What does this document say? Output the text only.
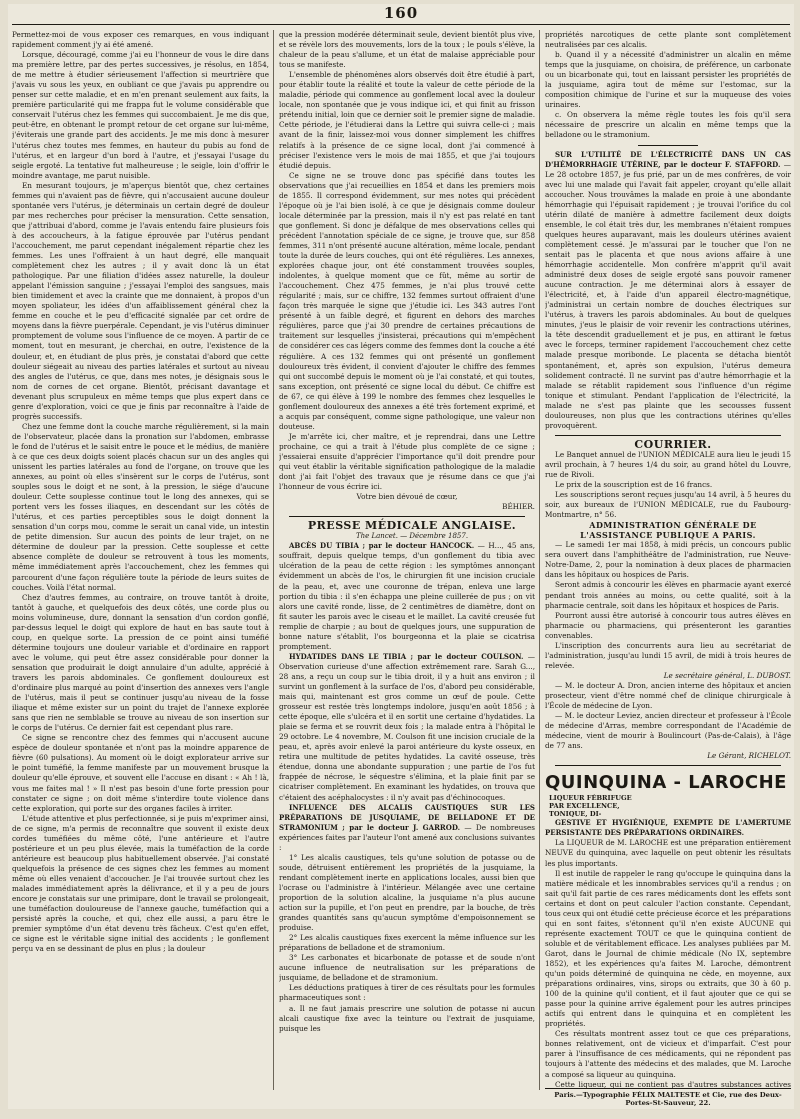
160

Permettez-moi de vous exposer ces remarques, en vous indiquant rapidement comment j'y ai été amené.

Lorsque, découragé, comme j'ai eu l'honneur de vous le dire dans ma première lettre, par des pertes successives, je résolus, en 1854, de me mettre à étudier sérieusement l'affection si meurtrière que j'avais vu sous les yeux, en oubliant ce que j'avais pu apprendre ou penser sur cette maladie, et en m'en prenant seulement aux faits, la première particularité qui me frappa fut le volume considérable que conservait l'utérus chez les femmes qui succombaient. Je me dis que, peut-être, en obtenant le prompt retour de cet organe sur lui-même, j'éviterais une grande part des accidents. Je me mis donc à mesurer l'utérus chez toutes mes femmes, en hauteur du pubis au fond de l'utérus, et en largeur d'un bord à l'autre, et j'essayai l'usage du seigle ergoté. La tentative fut malheureuse ; le seigle, loin d'offrir le moindre avantage, me parut nuisible.

En mesurant toujours, je m'aperçus bientôt que, chez certaines femmes qui n'avaient pas de fièvre, qui n'accusaient aucune douleur spontanée vers l'utérus, je déterminais un certain degré de douleur par mes recherches pour préciser la mensuration. Cette sensation, que j'attribuai d'abord, comme je l'avais entendu faire plusieurs fois à des accoucheurs, à la fatigue éprouvée par l'utérus pendant l'accouchement, me parut cependant inégalement répartie chez les femmes. Les unes l'offraient à un haut degré, elle manquait complètement chez les autres ; il y avait donc là un état pathologique. Par une filiation d'idées assez naturelle, la douleur appelant l'émission sanguine ; j'essayai l'emploi des sangsues, mais bien timidement et avec la crainte que me donnaient, à propos d'un moyen spoliateur, les idées d'un affaiblissement général chez la femme en couche et le peu d'efficacité signalée par cet ordre de moyens dans la fièvre puerpérale. Cependant, je vis l'utérus diminuer promptement de volume sous l'influence de ce moyen. A partir de ce moment, tout en mesurant, je cherchai, en outre, l'existence de la douleur, et, en étudiant de plus près, je constatai d'abord que cette douleur siégeait au niveau des parties latérales et surtout au niveau des angles de l'utérus, ce que, dans mes notes, je désignais sous le nom de cornes de cet organe. Bientôt, précisant davantage et devenant plus scrupuleux en même temps que plus expert dans ce genre d'exploration, voici ce que je finis par reconnaître à l'aide de progrès successifs.

Chez une femme dont la couche marche régulièrement, si la main de l'observateur, placée dans la pronation sur l'abdomen, embrasse le fond de l'utérus et le saisit entre le pouce et le médius, de manière à ce que ces deux doigts soient placés chacun sur un des angles qui unissent les parties latérales au fond de l'organe, on trouve que les annexes, au point où elles s'insèrent sur le corps de l'utérus, sont souples sous le doigt et ne sont, à la pression, le siége d'aucune douleur. Cette souplesse continue tout le long des annexes, qui se portent vers les fosses iliaques, en descendant sur les côtés de l'utérus, et ces parties perceptibles sous le doigt donnent la sensation d'un corps mou, comme le serait un canal vide, un intestin de petite dimension. Sur aucun des points de leur trajet, on ne détermine de douleur par la pression. Cette souplesse et cette absence complète de douleur se retrouvent à tous les moments, même immédiatement après l'accouchement, chez les femmes qui parcourent d'une façon régulière toute la période de leurs suites de couches. Voilà l'état normal.

Chez d'autres femmes, au contraire, on trouve tantôt à droite, tantôt à gauche, et quelquefois des deux côtés, une corde plus ou moins volumineuse, dure, donnant la sensation d'un cordon gonflé, par-dessus lequel le doigt qui explore de haut en bas saute tout à coup, en quelque sorte. La pression de ce point ainsi tuméfié détermine toujours une douleur variable et d'ordinaire en rapport avec le volume, qui peut être assez considérable pour donner la sensation que produirait le doigt annulaire d'un adulte, apprécié à travers les parois abdominales. Ce gonflement douloureux est d'ordinaire plus marqué au point d'insertion des annexes vers l'angle de l'utérus, mais il peut se continuer jusqu'au niveau de la fosse iliaque et même exister sur un point du trajet de l'annexe explorée sans que rien ne semblable se trouve au niveau de son insertion sur le corps de l'utérus. Ce dernier fait est cependant plus rare.

Ce signe se rencontre chez des femmes qui n'accusent aucune espèce de douleur spontanée et n'ont pas la moindre apparence de fièvre (60 pulsations). Au moment où le doigt explorateur arrive sur le point tuméfié, la femme manifeste par un mouvement brusque la douleur qu'elle éprouve, et souvent elle l'accuse en disant : « Ah ! là, vous me faites mal ! » Il n'est pas besoin d'une forte pression pour constater ce signe ; on doit même s'interdire toute violence dans cette exploration, qui porte sur des organes faciles à irriter.

L'étude attentive et plus perfectionnée, si je puis m'exprimer ainsi, de ce signe, m'a permis de reconnaître que souvent il existe deux cordes tuméfiées du même côté, l'une antérieure et l'autre postérieure et un peu plus élevée, mais la tuméfaction de la corde antérieure est beaucoup plus habituellement observée. J'ai constaté quelquefois la présence de ces signes chez les femmes au moment même où elles venaient d'accoucher. Je l'ai trouvée surtout chez les malades immédiatement après la délivrance, et il y a peu de jours encore je constatais sur une primipare, dont le travail se prolongeait, une tuméfaction douloureuse de l'annexe gauche, tuméfaction qui a persisté après la couche, et qui, chez elle aussi, a paru être le premier symptôme d'un état devenu très fâcheux. C'est qu'en effet, ce signe est le véritable signe initial des accidents ; le gonflement perçu va en se dessinant de plus en plus ; la douleur

que la pression modérée déterminait seule, devient bientôt plus vive, et se révèle lors des mouvements, lors de la toux ; le pouls s'élève, la chaleur de la peau s'allume, et un état de malaise appréciable pour tous se manifeste.

L'ensemble de phénomènes alors observés doit être étudié à part, pour établir toute la réalité et toute la valeur de cette période de la maladie, période qui commence au gonflement local avec la douleur locale, non spontanée que je vous indique ici, et qui finit au frisson prétendu initial, loin que ce dernier soit le premier signe de maladie. Cette période, je l'étudierai dans la Lettre qui suivra celle-ci ; mais avant de la finir, laissez-moi vous donner simplement les chiffres relatifs à la présence de ce signe local, dont j'ai commencé à préciser l'existence vers le mois de mai 1855, et que j'ai toujours étudié depuis.

Ce signe ne se trouve donc pas spécifié dans toutes les observations que j'ai recueillies en 1854 et dans les premiers mois de 1855. Il correspond évidemment, sur mes notes qui précèdent l'époque où je l'ai bien isolé, à ce que je désignais comme douleur locale déterminée par la pression, mais il n'y est pas relaté en tant que gonflement. Si donc je défalque de mes observations celles qui précèdent l'annotation spéciale de ce signe, je trouve que, sur 858 femmes, 311 n'ont présenté aucune altération, même locale, pendant toute la durée de leurs couches, qui ont été régulières. Les annexes, explorées chaque jour, ont été constamment trouvées souples, indolentes, à quelque moment que ce fût, même au sortir de l'accouchement. Chez 475 femmes, je n'ai plus trouvé cette régularité ; mais, sur ce chiffre, 132 femmes surtout offraient d'une façon très marquée le signe que j'étudie ici. Les 343 autres l'ont présenté à un faible degré, et figurent en dehors des marches régulières, parce que j'ai 30 prendre de certaines précautions de traitement sur lesquelles j'insisterai, précautions qui m'empêchent de considérer ces cas légers comme des femmes dont la couche a été régulière. A ces 132 femmes qui ont présenté un gonflement douloureux très évident, il convient d'ajouter le chiffre des femmes qui ont succombé depuis le moment où je l'ai constaté, et qui toutes, sans exception, ont présenté ce signe local du début. Ce chiffre est de 67, ce qui élève à 199 le nombre des femmes chez lesquelles le gonflement douloureux des annexes a été très fortement exprimé, et a acquis par conséquent, comme signe pathologique, une valeur non douteuse.

Je m'arrête ici, cher maître, et je reprendrai, dans une Lettre prochaine, ce qui a trait à l'étude plus complète de ce signe ; j'essaierai ensuite d'apprécier l'importance qu'il doit prendre pour qui veut établir la véritable signification pathologique de la maladie dont j'ai fait l'objet des travaux que je résume dans ce que j'ai l'honneur de vous écrire ici.

Votre bien dévoué de cœur,

BÉHIER.

PRESSE MÉDICALE ANGLAISE.

The Lancet. — Décembre 1857.

ABCÈS DU TIBIA ; par le docteur HANCOCK. — H..., 45 ans, souffrait, depuis quelque temps, d'un gonflement du tibia avec ulcération de la peau de cette région : les symptômes annonçant évidemment un abcès de l'os, le chirurgien fit une incision cruciale de la peau, et, avec une couronne de trépan, enleva une large portion du tibia : il s'en échappa une pleine cuillerée de pus ; on vit alors une cavité ronde, lisse, de 2 centimètres de diamètre, dont on fit sauter les parois avec le ciseau et le maillet. La cavité creusée fut remplie de charpie ; au bout de quelques jours, une suppuration de bonne nature s'établit, l'os bourgeonna et la plaie se cicatrisa promptement.

HYDATIDES DANS LE TIBIA ; par le docteur COULSON. — Observation curieuse d'une affection extrêmement rare. Sarah G..., 28 ans, a reçu un coup sur le tibia droit, il y a huit ans environ ; il survint un gonflement à la surface de l'os, d'abord peu considérable, mais qui, maintenant est gros comme un œuf de poule. Cette grosseur est restée très longtemps indolore, jusqu'en août 1856 ; à cette époque, elle s'ulcéra et il en sortit une certaine d'hydatides. La plaie se ferma et se rouvrit deux fois ; la malade entra à l'hôpital le 29 octobre. Le 4 novembre, M. Coulson fit une incision cruciale de la peau, et, après avoir enlevé la paroi antérieure du kyste osseux, en retira une multitude de petites hydatides. La cavité osseuse, très étendue, donna une abondante suppuration ; une partie de l'os fut frappée de nécrose, le séquestre s'élimina, et la plaie finit par se cicatriser complètement. En examinant les hydatides, on trouva que c'étaient des acéphalocystes : il n'y avait pas d'échinocoques.

INFLUENCE DES ALCALIS CAUSTIQUES SUR LES PRÉPARATIONS DE JUSQUIAME, DE BELLADONE ET DE STRAMONIUM ; par le docteur J. GARROD. — De nombreuses expériences faites par l'auteur l'ont amené aux conclusions suivantes :

1° Les alcalis caustiques, tels qu'une solution de potasse ou de soude, détruisent entièrement les propriétés de la jusquiame, la rendant complètement inerte en applications locales, aussi bien que l'ocrase ou l'administre à l'intérieur. Mélangée avec une certaine proportion de la solution alcaline, la jusquiame n'a plus aucune action sur la pupille, et l'on peut en prendre, par la bouche, de très grandes quantités sans qu'aucun symptôme d'empoisonnement se produise.

2° Les alcalis caustiques fixes exercent la même influence sur les préparations de belladone et de stramonium.

3° Les carbonates et bicarbonate de potasse et de soude n'ont aucune influence de neutralisation sur les préparations de jusquiame, de belladone et de stramonium.

Les déductions pratiques à tirer de ces résultats pour les formules pharmaceutiques sont :

a. Il ne faut jamais prescrire une solution de potasse ni aucun alcali caustique fixe avec la teinture ou l'extrait de jusquiame, puisque les

propriétés narcotiques de cette plante sont complètement neutralisées par ces alcalis.

b. Quand il y a nécessité d'administrer un alcalin en même temps que la jusquiame, on choisira, de préférence, un carbonate ou un bicarbonate qui, tout en laissant persister les propriétés de la jusquiame, agira tout de même sur l'estomac, sur la composition chimique de l'urine et sur la muqueuse des voies urinaires.

c. On observera la même règle toutes les fois qu'il sera nécessaire de prescrire un alcalin en même temps que la belladone ou le stramonium.

SUR L'UTILITÉ DE L'ÉLECTRICITÉ DANS UN CAS D'HÉMORRHAGIE UTÉRINE, par le docteur F. STAFFORD. — Le 28 octobre 1857, je fus prié, par un de mes confrères, de voir avec lui une malade qui l'avait fait appeler, croyant qu'elle allait accoucher. Nous trouvâmes la malade en proie à une abondante hémorrhagie qui l'épuisait rapidement ; je trouvai l'orifice du col utérin dilaté de manière à admettre facilement deux doigts ensemble, le col était très dur, les membranes n'étaient rompues quelques heures auparavant, mais les douleurs utérines avaient complètement cessé. Je m'assurai par le toucher que l'on ne sentait pas le placenta et que nous avions affaire à une hémorrhagie accidentelle. Mon confrère m'apprit qu'il avait administré deux doses de seigle ergoté sans pouvoir ramener aucune contraction. Je me déterminai alors à essayer de l'électricité, et, à l'aide d'un appareil électro-magnétique, j'administrai un certain nombre de douches électriques sur l'utérus, à travers les parois abdominales. Au bout de quelques minutes, j'eus le plaisir de voir revenir les contractions utérines, la tête descendit graduellement et je pus, en attirant le fœtus avec le forceps, terminer rapidement l'accouchement chez cette malade presque moribonde. Le placenta se détacha bientôt spontanément, et, après son expulsion, l'utérus demeura solidement contracté. Il ne survint pas d'autre hémorrhagie et la malade se rétablit rapidement sous l'influence d'un régime tonique et stimulant. Pendant l'application de l'électricité, la malade ne s'est pas plainte que les secousses fussent douloureuses, non plus que les contractions utérines qu'elles provoquèrent.

COURRIER.

Le Banquet annuel de l'UNION MÉDICALE aura lieu le jeudi 15 avril prochain, à 7 heures 1/4 du soir, au grand hôtel du Louvre, rue de Rivoli.

Le prix de la souscription est de 16 francs.

Les souscriptions seront reçues jusqu'au 14 avril, à 5 heures du soir, aux bureaux de l'UNION MÉDICALE, rue du Faubourg-Montmartre, n° 56.

ADMINISTRATION GÉNÉRALE DE L'ASSISTANCE PUBLIQUE A PARIS.

— Le samedi 1er mai 1858, à midi précis, un concours public sera ouvert dans l'amphithéâtre de l'administration, rue Neuve-Notre-Dame, 2, pour la nomination à deux places de pharmacien dans les hôpitaux ou hospices de Paris.

Seront admis à concourir les élèves en pharmacie ayant exercé pendant trois années au moins, ou cette qualité, soit à la pharmacie centrale, soit dans les hôpitaux et hospices de Paris.

Pourront aussi être autorisé à concourir tous autres élèves en pharmacie ou pharmaciens, qui présenteront les garanties convenables.

L'inscription des concurrents aura lieu au secrétariat de l'administration, jusqu'au lundi 15 avril, de midi à trois heures de relevée.

Le secrétaire général, L. DUBOST.

— M. le docteur A. Dron, ancien interne des hôpitaux et ancien prosecteur, vient d'être nommé chef de clinique chirurgicale à l'École de médecine de Lyon.

— M. le docteur Leviez, ancien directeur et professeur à l'École de médecine d'Arras, membre correspondant de l'Académie de médecine, vient de mourir à Boulincourt (Pas-de-Calais), à l'âge de 77 ans.

Le Gérant, RICHELOT.

QUINQUINA - LAROCHELIQUEUR FÉBRIFUGE PAR EXCELLENCE, TONIQUE, DI-

GESTIVE ET HYGIÉNIQUE, EXEMPTE DE L'AMERTUME PERSISTANTE DES PRÉPARATIONS ORDINAIRES.

La LIQUEUR de M. LAROCHE est une préparation entièrement NEUVE du quinquina, avec laquelle on peut obtenir les résultats les plus importants.

Il est inutile de rappeler le rang qu'occupe le quinquina dans la matière médicale et les innombrables services qu'il a rendus ; on sait qu'il fait partie de ces rares médicaments dont les effets sont certains et dont on peut calculer l'action constante. Cependant, tous ceux qui ont étudié cette précieuse écorce et les préparations qui en sont faites, s'étonnent qu'il n'en existe AUCUNE qui représente exactement TOUT ce que le quinquina contient de soluble et de véritablement efficace. Les analyses publiées par M. Garot, dans le Journal de chimie médicale (No IX, septembre 1852), et les expériences qu'a faites M. Laroche, démontrent qu'un poids déterminé de quinquina ne cède, en moyenne, aux préparations ordinaires, vins, sirops ou extraits, que 30 à 60 p. 100 de la quinine qu'il contient, et il faut ajouter que ce qui se passe pour la quinine arrive également pour les autres principes actifs qui entrent dans le quinquina et en complètent les propriétés.

Ces résultats montrent assez tout ce que ces préparations, bonnes relativement, ont de vicieux et d'imparfait. C'est pour parer à l'insuffisance de ces médicaments, qui ne répondent pas toujours à l'attente des médecins et des malades, que M. Laroche a composé sa liqueur au quinquina.

Cette liqueur, qui ne contient pas d'autres substances actives

Paris.—Typographie FÉLIX MALTESTE et Cie, rue des Deux-Portes-St-Sauveur, 22.
